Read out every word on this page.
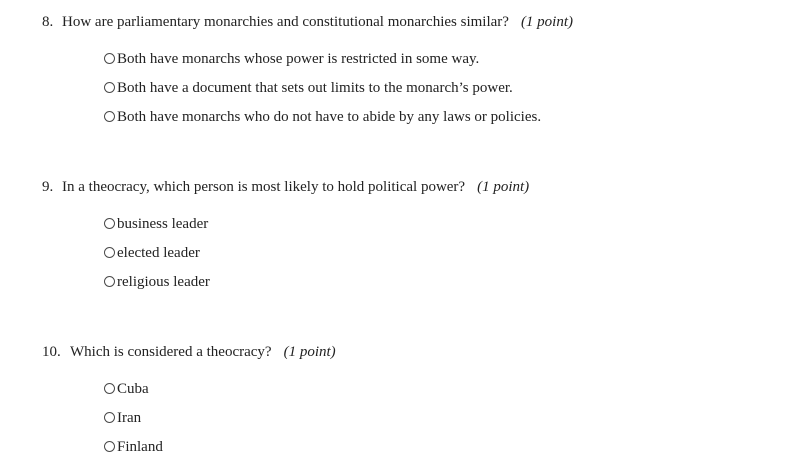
8. How are parliamentary monarchies and constitutional monarchies similar? (1 point)
Both have monarchs whose power is restricted in some way.
Both have a document that sets out limits to the monarch’s power.
Both have monarchs who do not have to abide by any laws or policies.
9. In a theocracy, which person is most likely to hold political power? (1 point)
business leader
elected leader
religious leader
10. Which is considered a theocracy? (1 point)
Cuba
Iran
Finland
